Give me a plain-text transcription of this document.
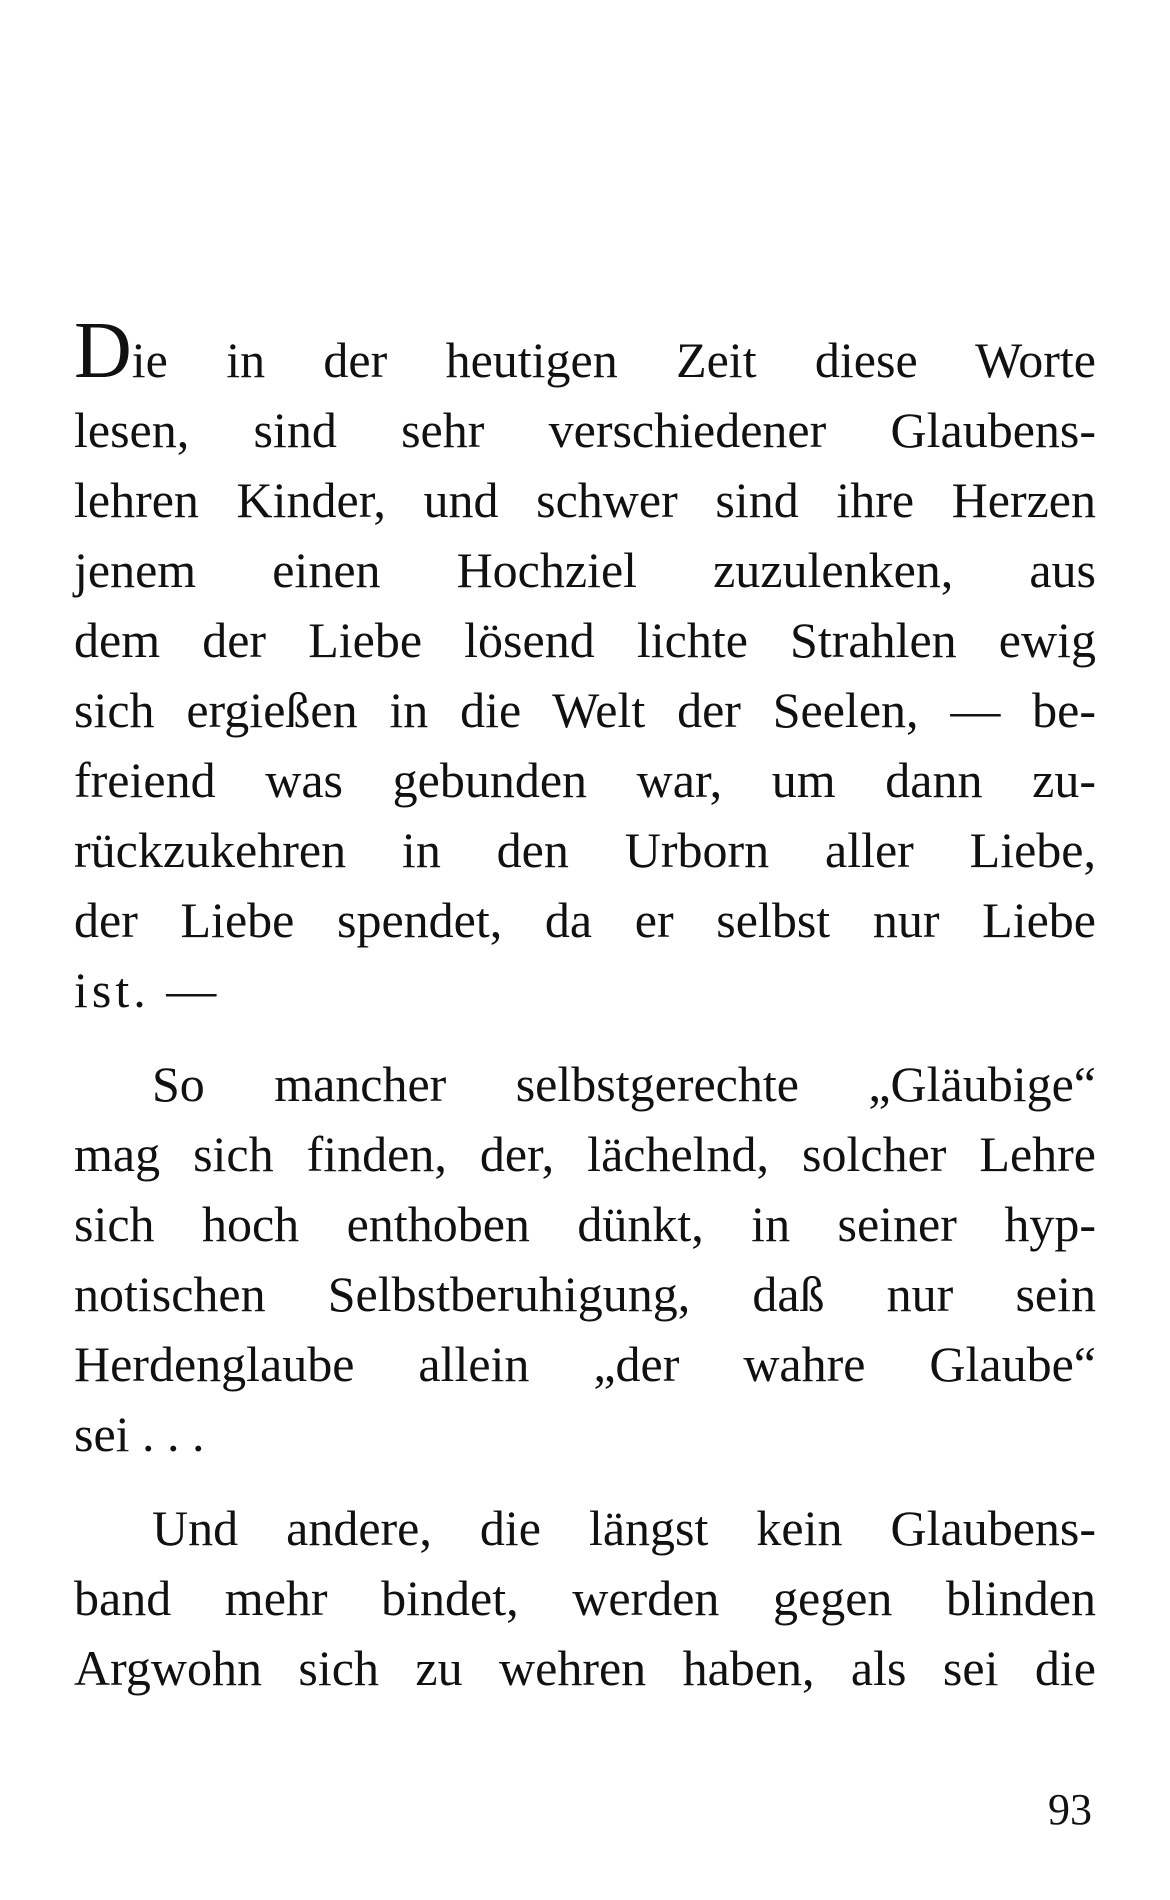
Die in der heutigen Zeit diese Worte
lesen, sind sehr verschiedener Glaubens-
lehren Kinder, und schwer sind ihre Herzen
jenem einen Hochziel zuzulenken, aus
dem der Liebe lösend lichte Strahlen ewig
sich ergießen in die Welt der Seelen, — be-
freiend was gebunden war, um dann zu-
rückzukehren in den Urborn aller Liebe,
der Liebe spendet, da er selbst nur Liebe
ist. —
So mancher selbstgerechte „Gläubige“
mag sich finden, der, lächelnd, solcher Lehre
sich hoch enthoben dünkt, in seiner hyp-
notischen Selbstberuhigung, daß nur sein
Herdenglaube allein „der wahre Glaube“
sei . . .
Und andere, die längst kein Glaubens-
band mehr bindet, werden gegen blinden
Argwohn sich zu wehren haben, als sei die
93
